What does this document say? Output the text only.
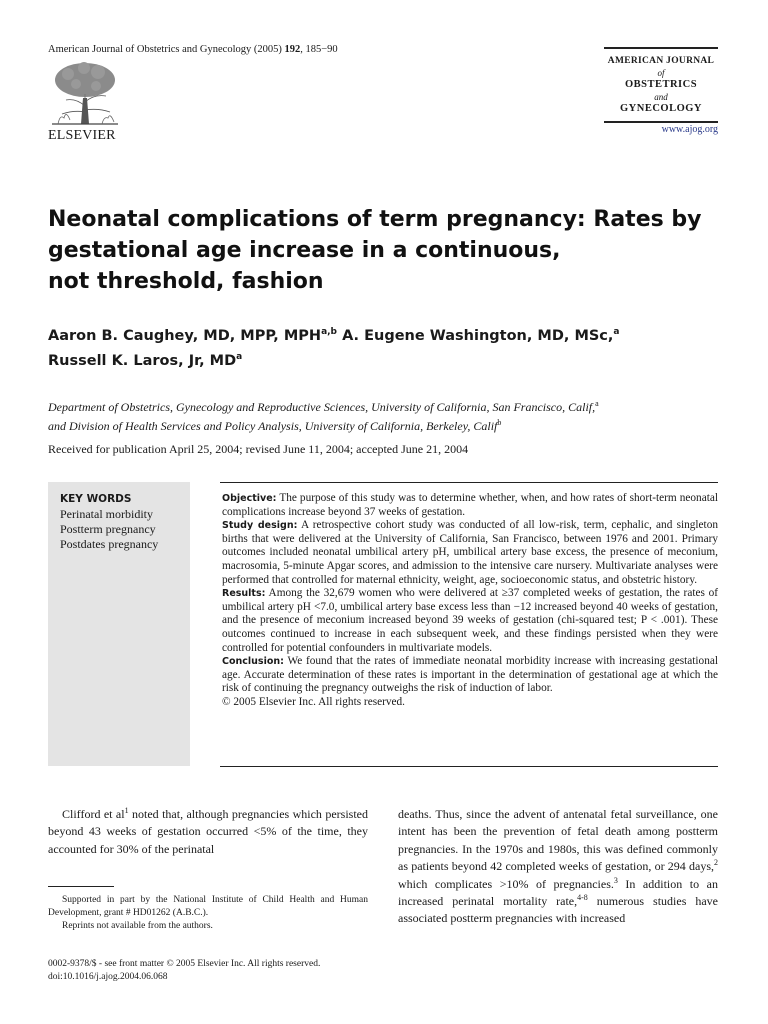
American Journal of Obstetrics and Gynecology (2005) 192, 185−90
ELSEVIER
AMERICAN JOURNAL
of
OBSTETRICS
and
GYNECOLOGY
www.ajog.org
Neonatal complications of term pregnancy: Rates by
gestational age increase in a continuous,
not threshold, fashion
Aaron B. Caughey, MD, MPP, MPH$^{a,b}$ A. Eugene Washington, MD, MSc,$^a$
Russell K. Laros, Jr, $MD^a$
Department of Obstetrics, Gynecology and Reproductive Sciences, University of California, San Francisco, Calif,$^a$
and Division of Health Services and Policy Analysis, University of California, Berkeley, Calif$^b$
Received for publication April 25, 2004; revised June 11, 2004; accepted June 21, 2004
KEY WORDS
Perinatal morbidity
Postterm pregnancy
Postdates pregnancy

Objective: The purpose of this study was to determine whether, when, and how rates of short-term neonatal complications increase beyond 37 weeks of gestation.

Study design: A retrospective cohort study was conducted of all low-risk, term, cephalic, and singleton births that were delivered at the University of California, San Francisco, between 1976 and 2001. Primary outcomes included neonatal umbilical artery pH, umbilical artery base excess, the presence of meconium, macrosomia, 5-minute Apgar scores, and admission to the intensive care nursery. Multivariate analyses were performed that controlled for maternal ethnicity, weight, age, socioeconomic status, and obstetric history.

Results: Among the 32,679 women who were delivered at ≥37 completed weeks of gestation, the rates of umbilical artery pH <7.0, umbilical artery base excess less than −12 increased beyond 40 weeks of gestation, and the presence of meconium increased beyond 39 weeks of gestation (chi-squared test; P < .001). These outcomes continued to increase in each subsequent week, and these findings persisted when they were controlled for potential confounders in multivariate models.

Conclusion: We found that the rates of immediate neonatal morbidity increase with increasing gestational age. Accurate determination of these rates is important in the determination of gestational age at which the risk of continuing the pregnancy outweighs the risk of induction of labor.

© 2005 Elsevier Inc. All rights reserved.

Clifford et $al^1$ noted that, although pregnancies which persisted beyond 43 weeks of gestation occurred <5% of the time, they accounted for 30% of the perinatal

deaths. Thus, since the advent of antenatal fetal surveillance, one intent has been the prevention of fetal death among postterm pregnancies. In the 1970s and 1980s, this was defined commonly as patients beyond 42 completed weeks of gestation, or 294 days,$^2$ which complicates >10% of pregnancies.$^3$ In addition to an increased perinatal mortality rate,$^{4-8}$ numerous studies have associated postterm pregnancies with increased

Supported in part by the National Institute of Child Health and Human Development, grant # HD01262 (A.B.C.).
Reprints not available from the authors.
0002-9378/$ - see front matter © 2005 Elsevier Inc. All rights reserved.
doi:10.1016/j.ajog.2004.06.068
